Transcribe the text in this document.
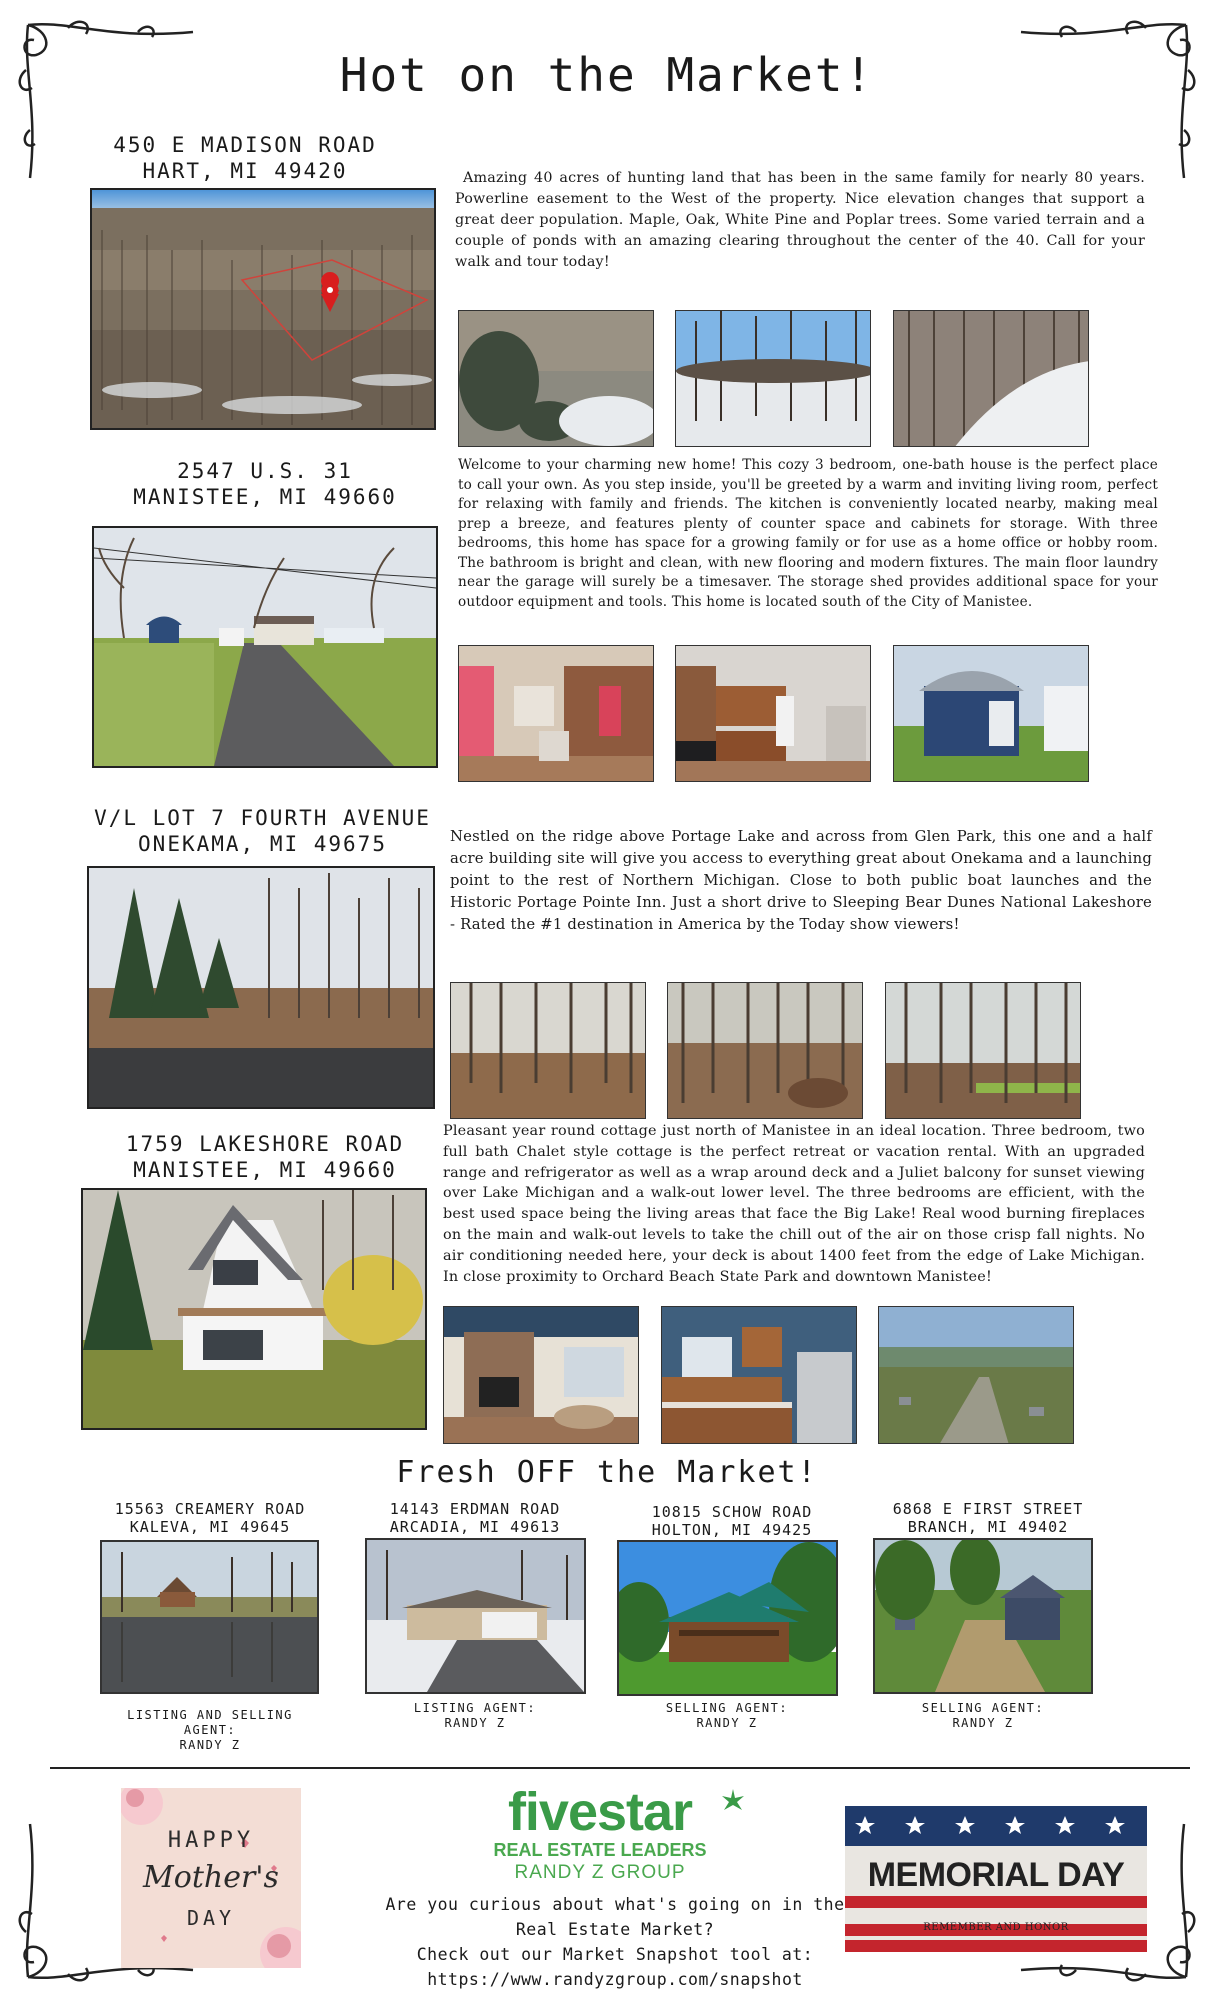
Hot on the Market!
450 E MADISON ROAD
HART, MI 49420	Amazing 40 acres of hunting land that has been in the same family for nearly 80 years. Powerline easement to the West of the property. Nice elevation changes that support a great deer population. Maple, Oak, White Pine and Poplar trees. Some varied terrain and a couple of ponds with an amazing clearing throughout the center of the 40. Call for your walk and tour today!
2547 U.S. 31
MANISTEE, MI 49660
Welcome to your charming new home! This cozy 3 bedroom, one-bath house is the perfect place to call your own. As you step inside, you'll be greeted by a warm and inviting living room, perfect for relaxing with family and friends. The kitchen is conveniently located nearby, making meal prep a breeze, and features plenty of counter space and cabinets for storage. With three bedrooms, this home has space for a growing family or for use as a home office or hobby room. The bathroom is bright and clean, with new flooring and modern fixtures. The main floor laundry near the garage will surely be a timesaver. The storage shed provides additional space for your outdoor equipment and tools. This home is located south of the City of Manistee.
V/L LOT 7 FOURTH AVENUE
ONEKAMA, MI 49675	Nestled on the ridge above Portage Lake and across from Glen Park, this one and a half acre building site will give you access to everything great about Onekama and a launching point to the rest of Northern Michigan. Close to both public boat launches and the Historic Portage Pointe Inn. Just a short drive to Sleeping Bear Dunes National Lakeshore - Rated the #1 destination in America by the Today show viewers!
1759 LAKESHORE ROAD
MANISTEE, MI 49660
Pleasant year round cottage just north of Manistee in an ideal location. Three bedroom, two full bath Chalet style cottage is the perfect retreat or vacation rental. With an upgraded range and refrigerator as well as a wrap around deck and a Juliet balcony for sunset viewing over Lake Michigan and a walk-out lower level. The three bedrooms are efficient, with the best used space being the living areas that face the Big Lake! Real wood burning fireplaces on the main and walk-out levels to take the chill out of the air on those crisp fall nights. No air conditioning needed here, your deck is about 1400 feet from the edge of Lake Michigan. In close proximity to Orchard Beach State Park and downtown Manistee!
Fresh OFF the Market!
15563 CREAMERY ROAD
KALEVA, MI 49645
LISTING AND SELLING
AGENT:
RANDY Z
14143 ERDMAN ROAD
ARCADIA, MI 49613
LISTING AGENT:
RANDY Z
10815 SCHOW ROAD
HOLTON, MI 49425
SELLING AGENT:
RANDY Z
6868 E FIRST STREET
BRANCH, MI 49402
SELLING AGENT:
RANDY Z
HAPPY
Mother's
DAY
fivestar
REAL ESTATE LEADERS
RANDY Z GROUP
Are you curious about what's going on in the
Real Estate Market?
Check out our Market Snapshot tool at:
https://www.randyzgroup.com/snapshot
MEMORIAL DAY
REMEMBER AND HONOR
